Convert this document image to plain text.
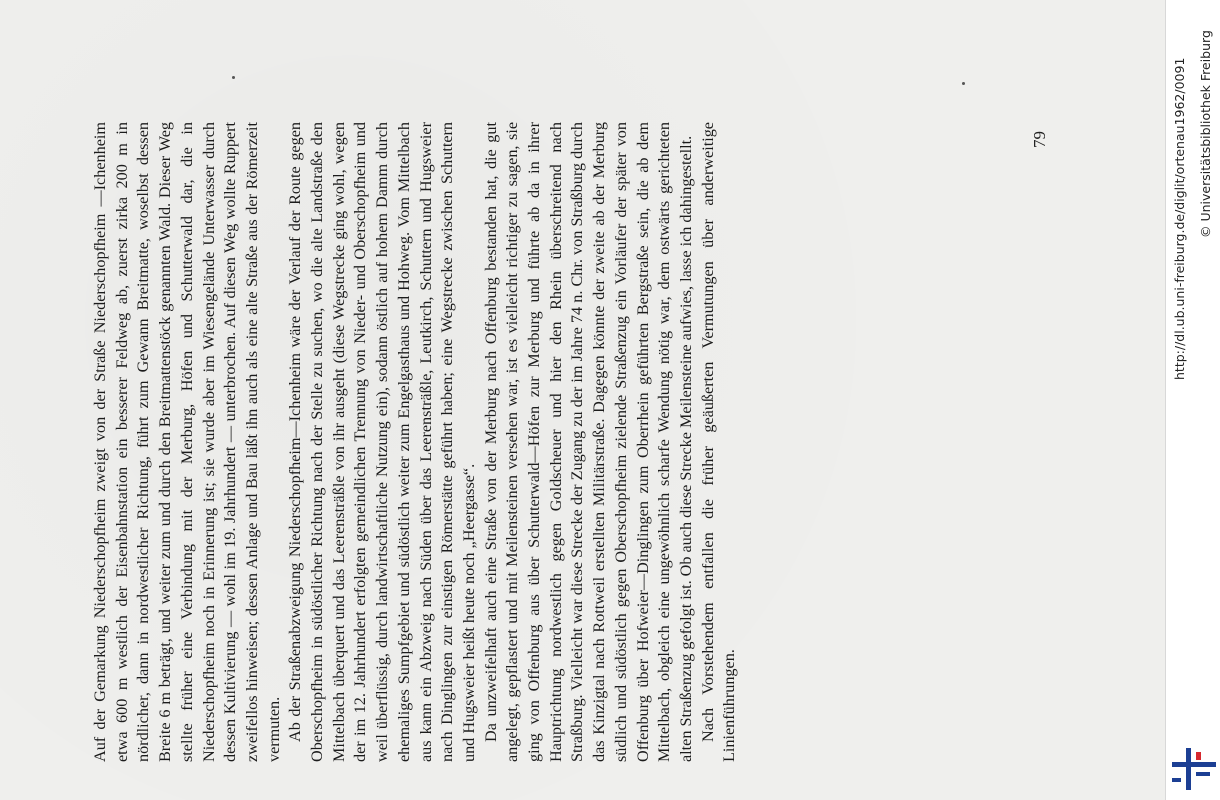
Auf der Gemarkung Niederschopfheim zweigt von der Straße Niederschopfheim —Ichenheim etwa 600 m westlich der Eisenbahnstation ein besserer Feldweg ab, zuerst zirka 200 m in nördlicher, dann in nordwestlicher Richtung, führt zum Gewann Breitmatte, woselbst dessen Breite 6 m beträgt, und weiter zum und durch den Breitmattenstöck genannten Wald. Dieser Weg stellte früher eine Verbindung mit der Merburg, Höfen und Schutterwald dar, die in Niederschopfheim noch in Erinnerung ist; sie wurde aber im Wiesengelände Unterwasser durch dessen Kultivierung — wohl im 19. Jahrhundert — unterbrochen. Auf diesen Weg wollte Ruppert zweifellos hinweisen; dessen Anlage und Bau läßt ihn auch als eine alte Straße aus der Römerzeit vermuten. Ab der Straßenabzweigung Niederschopfheim—Ichenheim wäre der Verlauf der Route gegen Oberschopfheim in südöstlicher Richtung nach der Stelle zu suchen, wo die alte Landstraße den Mittelbach überquert und das Leerensträßle von ihr ausgeht (diese Wegstrecke ging wohl, wegen der im 12. Jahrhundert erfolgten gemeindlichen Trennung von Nieder- und Oberschopfheim und weil überflüssig, durch landwirtschaftliche Nutzung ein), sodann östlich auf hohem Damm durch ehemaliges Sumpfgebiet und südöstlich weiter zum Engelgasthaus und Hohweg. Vom Mittelbach aus kann ein Abzweig nach Süden über das Leerensträßle, Leutkirch, Schuttern und Hugsweier nach Dinglingen zur einstigen Römerstätte geführt haben; eine Wegstrecke zwischen Schuttern und Hugsweier heißt heute noch „Heergasse“. Da unzweifelhaft auch eine Straße von der Merburg nach Offenburg bestanden hat, die gut angelegt, gepflastert und mit Meilensteinen versehen war, ist es vielleicht richtiger zu sagen, sie ging von Offenburg aus über Schutterwald—Höfen zur Merburg und führte ab da in ihrer Hauptrichtung nordwestlich gegen Goldscheuer und hier den Rhein überschreitend nach Straßburg. Vielleicht war diese Strecke der Zugang zu der im Jahre 74 n. Chr. von Straßburg durch das Kinzigtal nach Rottweil erstellten Militärstraße. Dagegen könnte der zweite ab der Merburg südlich und südöstlich gegen Oberschopfheim zielende Straßenzug ein Vorläufer der später von Offenburg über Hofweier—Dinglingen zum Oberrhein geführten Bergstraße sein, die ab dem Mittelbach, obgleich eine ungewöhnlich scharfe Wendung nötig war, dem ostwärts gerichteten alten Straßenzug gefolgt ist. Ob auch diese Strecke Meilensteine aufwies, lasse ich dahingestellt. Nach Vorstehendem entfallen die früher geäußerten Vermutungen über anderweitige Linienführungen.

79	http://dl.ub.uni-freiburg.de/diglit/ortenau1962/0091 © Universitätsbibliothek Freiburg
